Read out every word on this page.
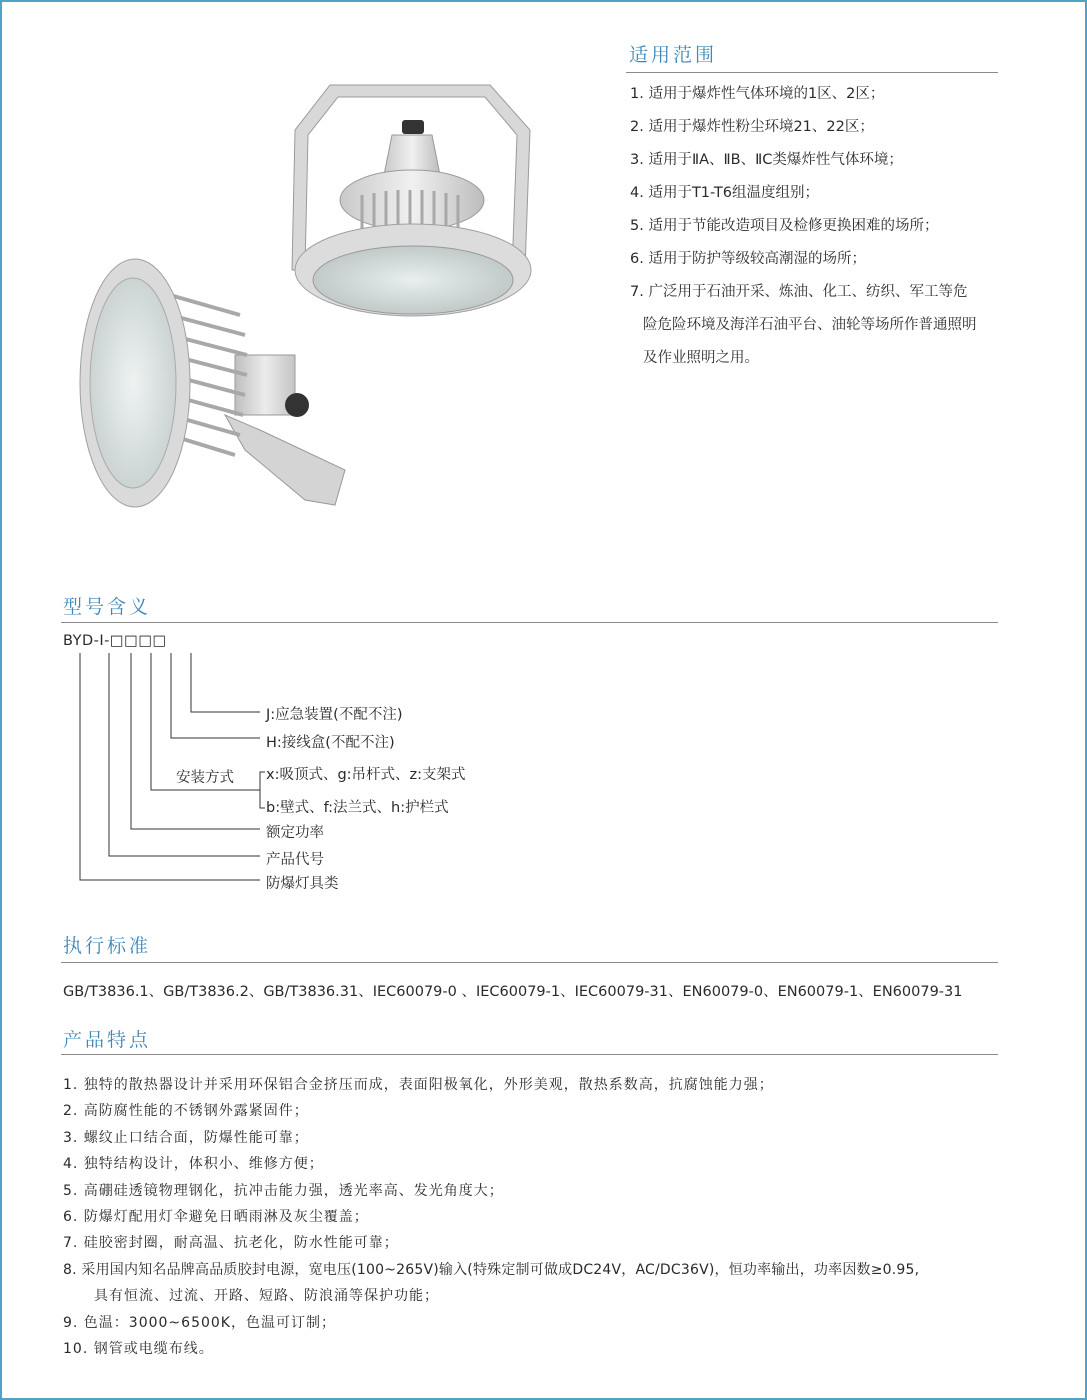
适用范围
1. 适用于爆炸性气体环境的1区、2区；
2. 适用于爆炸性粉尘环境21、22区；
3. 适用于ⅡA、ⅡB、ⅡC类爆炸性气体环境；
4. 适用于T1-T6组温度组别；
5. 适用于节能改造项目及检修更换困难的场所；
6. 适用于防护等级较高潮湿的场所；
7. 广泛用于石油开采、炼油、化工、纺织、军工等危
险危险环境及海洋石油平台、油轮等场所作普通照明
及作业照明之用。
型号含义
BYD-Ⅰ-□□□□
J:应急装置(不配不注)
H:接线盒(不配不注)
安装方式 x:吸顶式、g:吊杆式、z:支架式
b:壁式、f:法兰式、h:护栏式
额定功率
产品代号
防爆灯具类
执行标准
GB/T3836.1、GB/T3836.2、GB/T3836.31、IEC60079-0 、IEC60079-1、IEC60079-31、EN60079-0、EN60079-1、EN60079-31
产品特点
1. 独特的散热器设计并采用环保铝合金挤压而成，表面阳极氧化，外形美观，散热系数高，抗腐蚀能力强；
2. 高防腐性能的不锈钢外露紧固件；
3. 螺纹止口结合面，防爆性能可靠；
4. 独特结构设计，体积小、维修方便；
5. 高硼硅透镜物理钢化，抗冲击能力强，透光率高、发光角度大；
6. 防爆灯配用灯伞避免日晒雨淋及灰尘覆盖；
7. 硅胶密封圈，耐高温、抗老化，防水性能可靠；
8. 采用国内知名品牌高品质胶封电源，宽电压(100~265V)输入(特殊定制可做成DC24V，AC/DC36V)，恒功率输出，功率因数≥0.95,
具有恒流、过流、开路、短路、防浪涌等保护功能；
9. 色温：3000~6500K，色温可订制；
10. 钢管或电缆布线。
